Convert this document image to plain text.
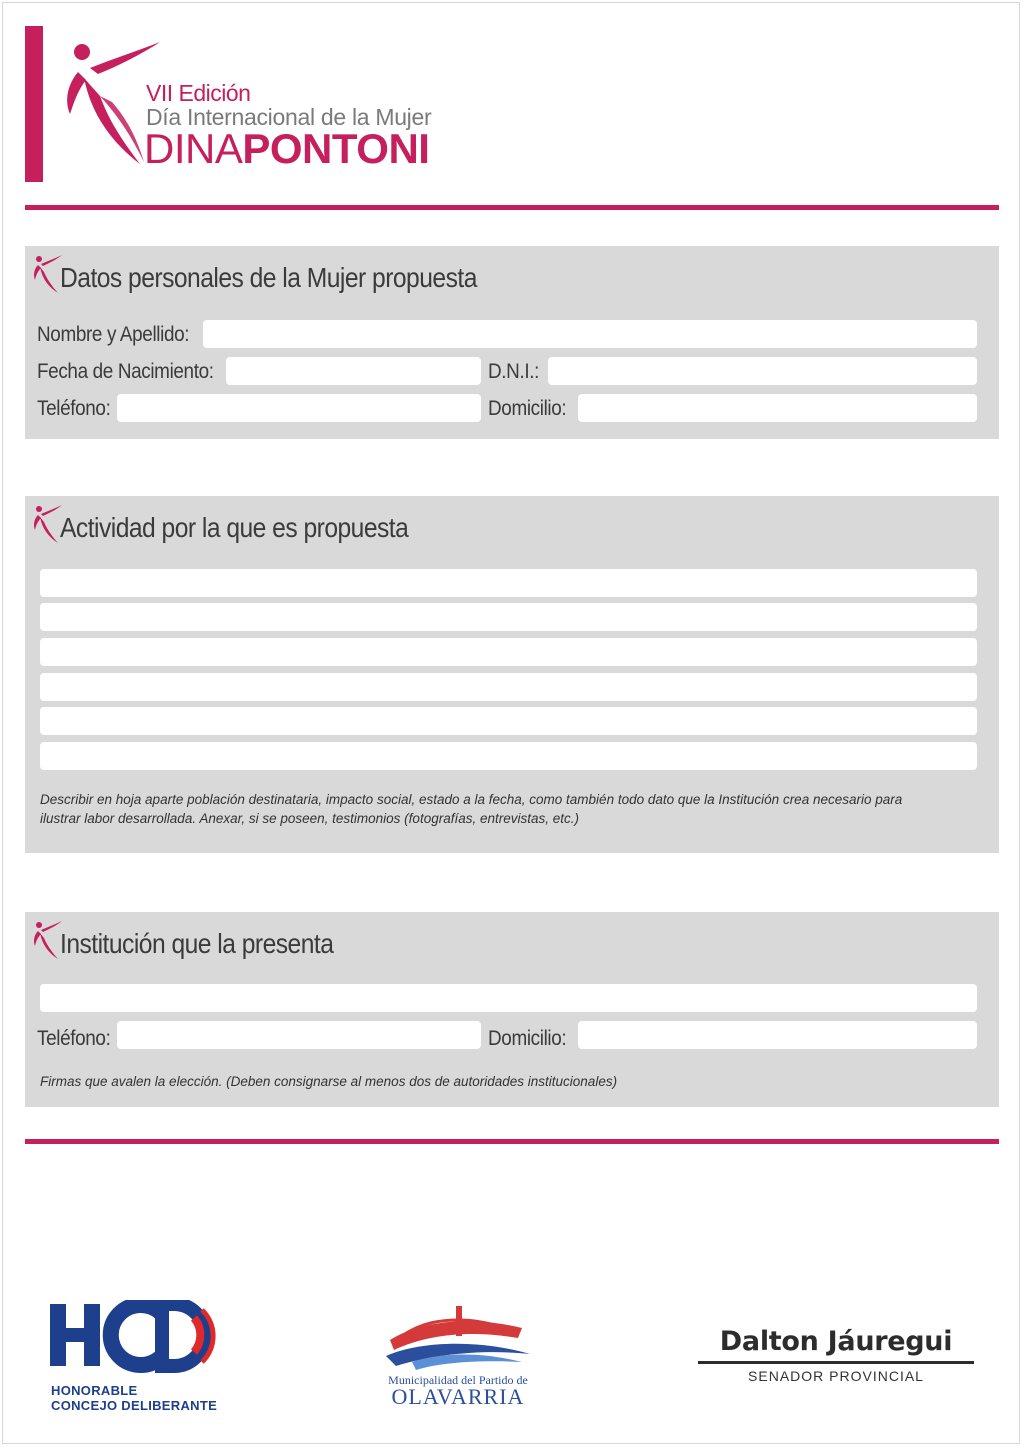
VII Edición
Día Internacional de la Mujer
DINAPONTONI
Datos personales de la Mujer propuesta
Nombre y Apellido:
Fecha de Nacimiento:	D.N.I.:
Teléfono:	Domicilio:
Actividad por la que es propuesta
Describir en hoja aparte población destinataria, impacto social, estado a la fecha, como también todo dato que la Institución crea necesario para ilustrar labor desarrollada. Anexar, si se poseen, testimonios (fotografías, entrevistas, etc.)
Institución que la presenta
Teléfono:	Domicilio:
Firmas que avalen la elección. (Deben consignarse al menos dos de autoridades institucionales)
HONORABLE
CONCEJO DELIBERANTE
Municipalidad del Partido de
OLAVARRIA
Dalton Jáuregui
SENADOR PROVINCIAL
